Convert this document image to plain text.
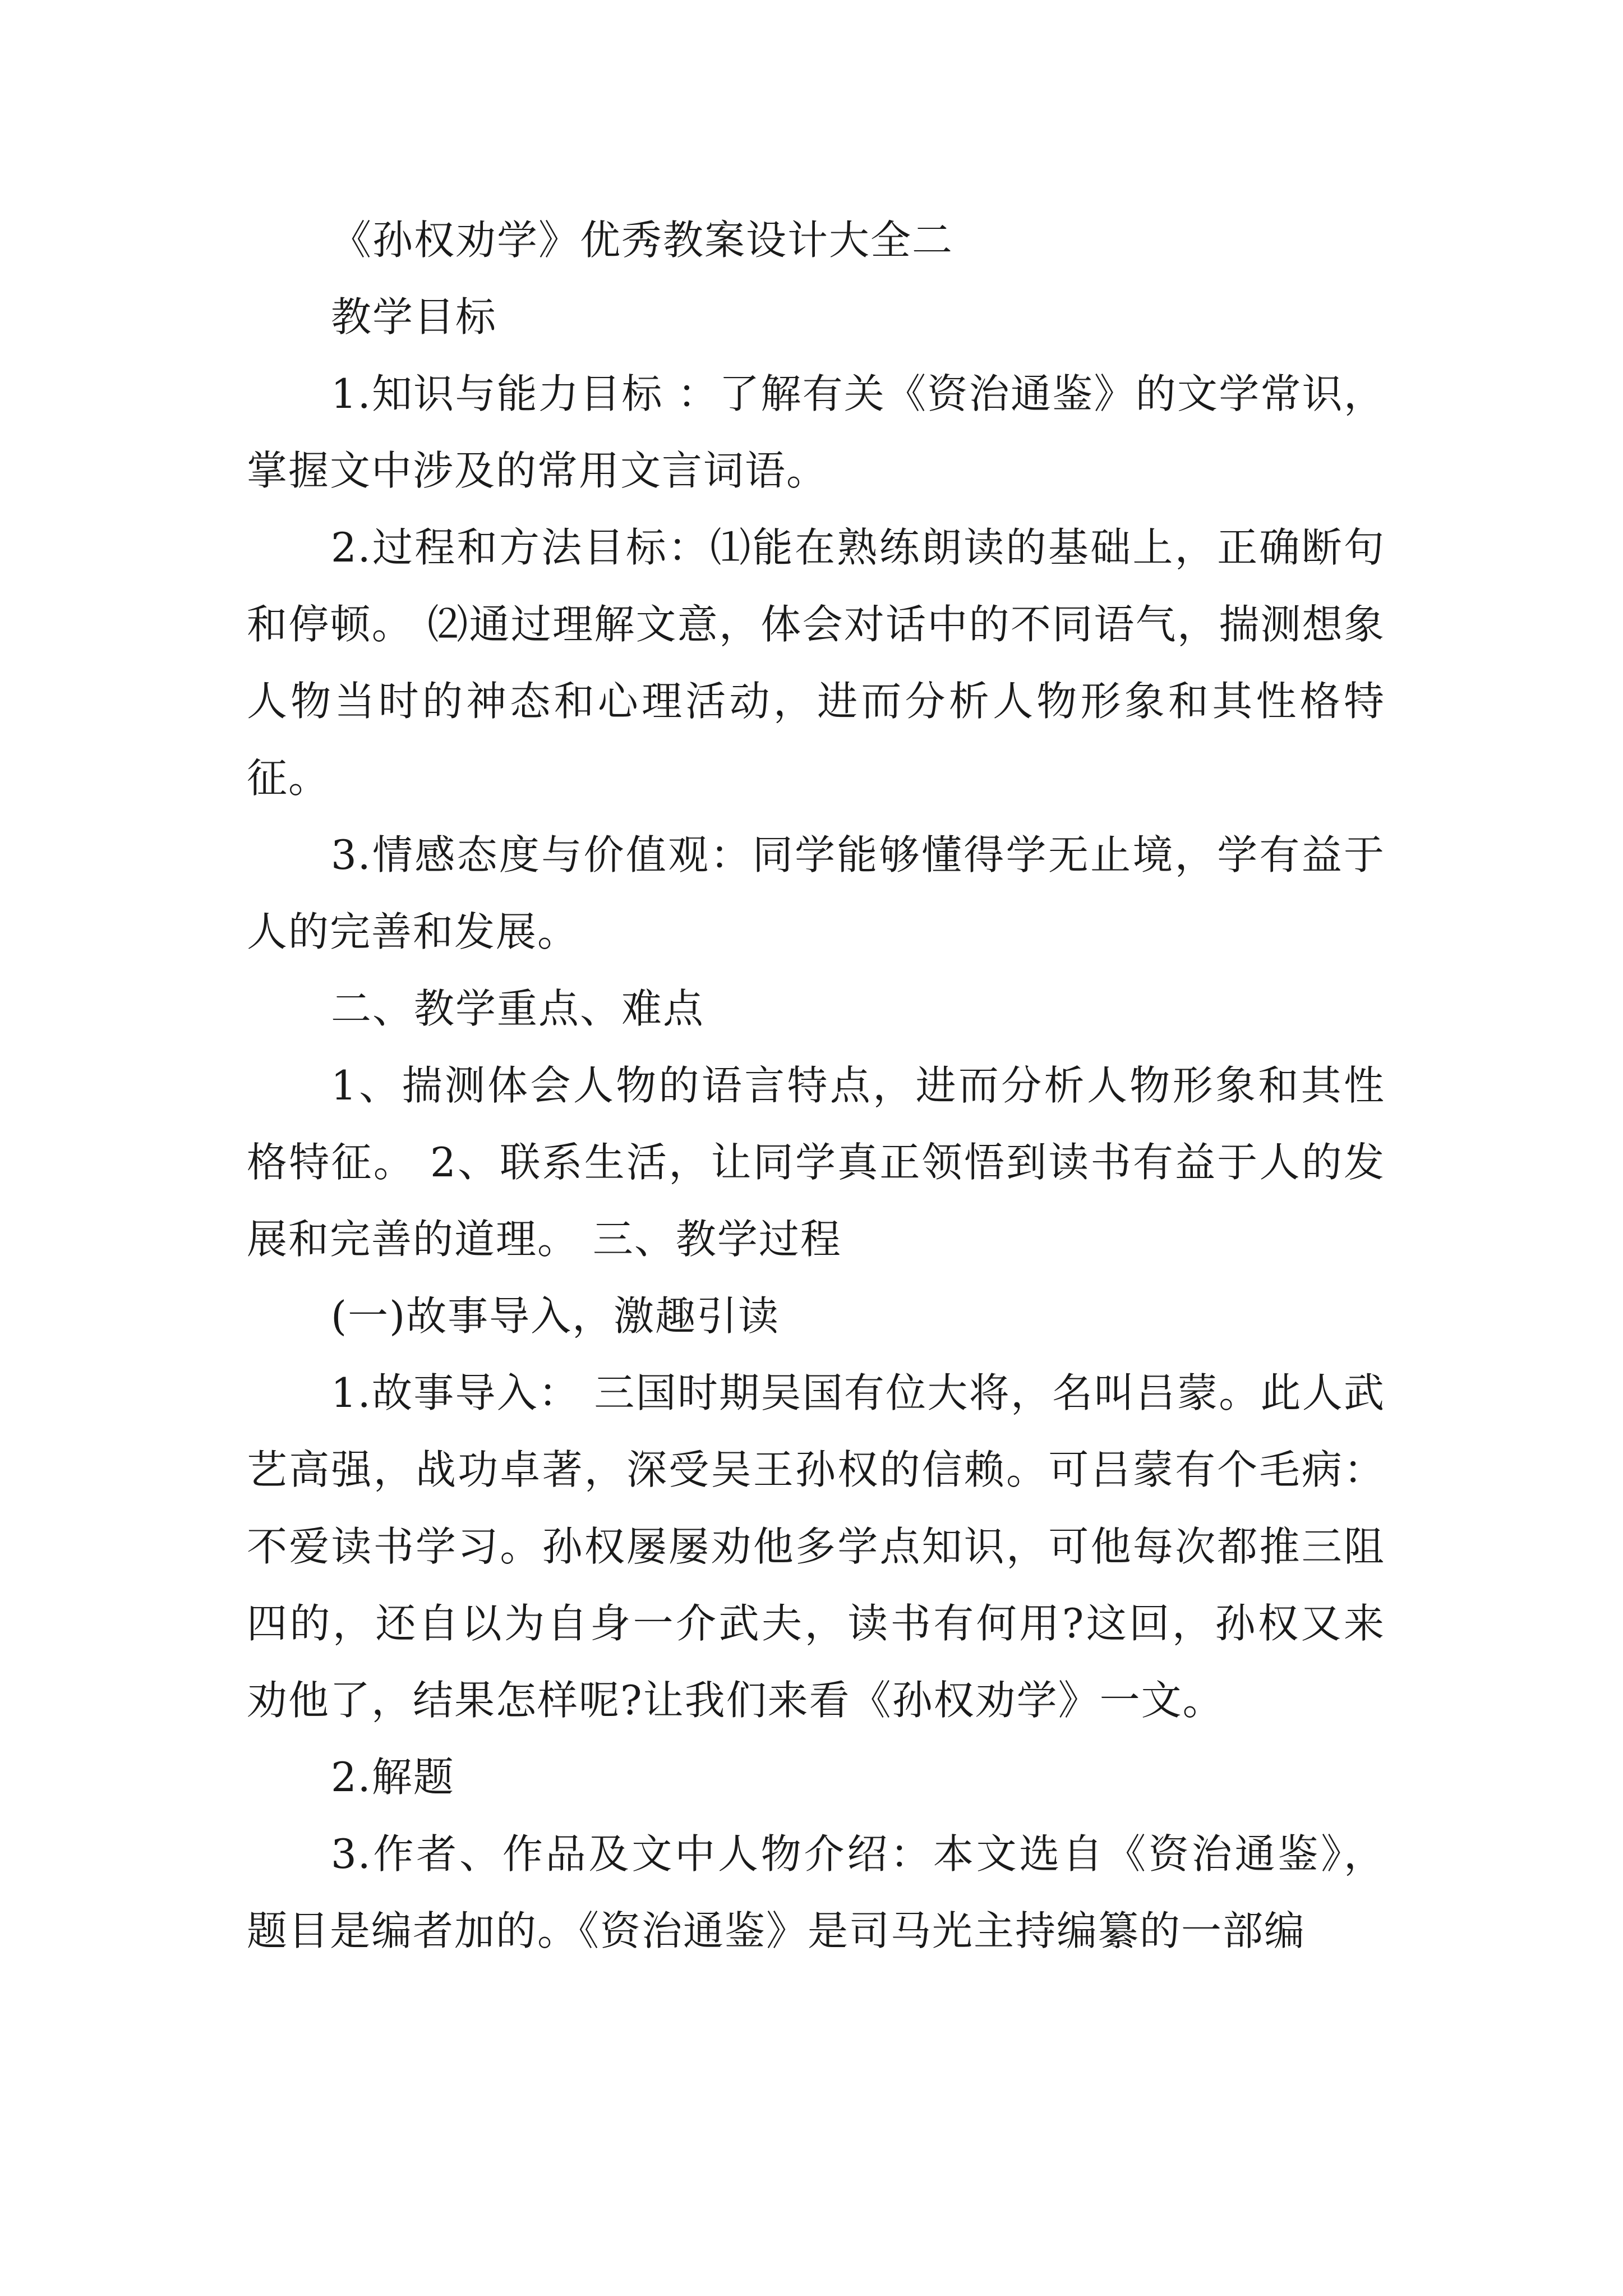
《孙权劝学》优秀教案设计大全二

教学目标

1.知识与能力目标 ：了解有关《资治通鉴》的文学常识，掌握文中涉及的常用文言词语。

2.过程和方法目标：⑴能在熟练朗读的基础上，正确断句和停顿。 ⑵通过理解文意，体会对话中的不同语气，揣测想象人物当时的神态和心理活动，进而分析人物形象和其性格特征。

3.情感态度与价值观：同学能够懂得学无止境，学有益于人的完善和发展。

二、教学重点、难点

1、揣测体会人物的语言特点，进而分析人物形象和其性格特征。 2、联系生活，让同学真正领悟到读书有益于人的发展和完善的道理。 三、教学过程

(一)故事导入，激趣引读

1.故事导入： 三国时期吴国有位大将，名叫吕蒙。此人武艺高强，战功卓著，深受吴王孙权的信赖。可吕蒙有个毛病：不爱读书学习。孙权屡屡劝他多学点知识，可他每次都推三阻四的，还自以为自身一介武夫，读书有何用?这回，孙权又来劝他了，结果怎样呢?让我们来看《孙权劝学》一文。

2.解题

3.作者、作品及文中人物介绍：本文选自《资治通鉴》，题目是编者加的。《资治通鉴》是司马光主持编纂的一部编
